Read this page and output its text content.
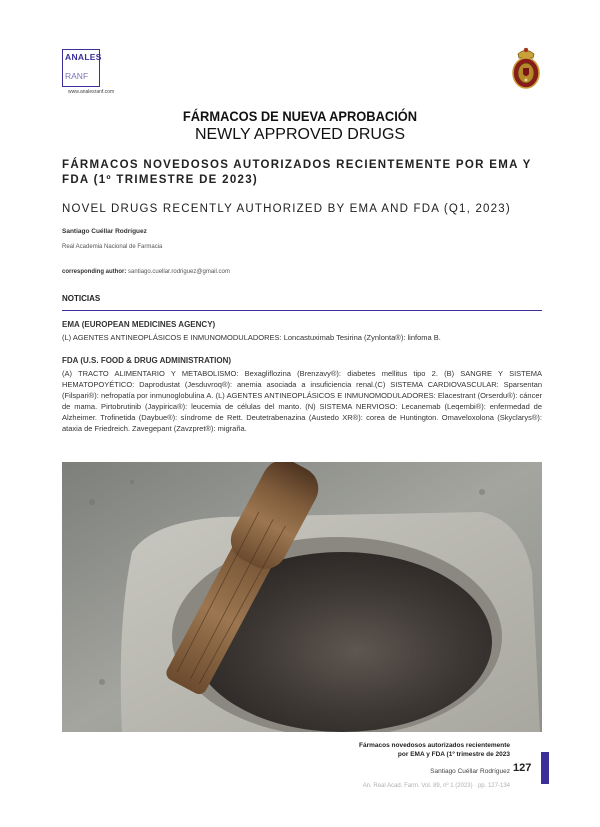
ANALES
RANF
www.analesranf.com
FÁRMACOS DE NUEVA APROBACIÓN
NEWLY APPROVED DRUGS
FÁRMACOS NOVEDOSOS AUTORIZADOS RECIENTEMENTE POR EMA Y FDA (1º TRIMESTRE DE 2023)
NOVEL DRUGS RECENTLY AUTHORIZED BY EMA AND FDA (Q1, 2023)
Santiago Cuéllar Rodríguez
Real Academia Nacional de Farmacia
corresponding author: santiago.cuellar.rodriguez@gmail.com
NOTICIAS
EMA (EUROPEAN MEDICINES AGENCY)
(L) AGENTES ANTINEOPLÁSICOS E INMUNOMODULADORES: Loncastuximab Tesirina (Zynlonta®): linfoma B.
FDA (U.S. FOOD & DRUG ADMINISTRATION)
(A) TRACTO ALIMENTARIO Y METABOLISMO: Bexagliflozina (Brenzavy®): diabetes mellitus tipo 2. (B) SANGRE Y SISTEMA HEMATOPOYÉTICO: Daprodustat (Jesduvroq®): anemia asociada a insuficiencia renal.(C) SISTEMA CARDIOVASCULAR: Sparsentan (Filspari®): nefropatía por inmunoglobulina A. (L) AGENTES ANTINEOPLÁSICOS E INMUNOMODULADORES: Elacestrant (Orserdu®): cáncer de mama. Pirtobrutinib (Jaypirica®): leucemia de células del manto. (N) SISTEMA NERVIOSO: Lecanemab (Leqembi®): enfermedad de Alzheimer. Trofinetida (Daybue®): síndrome de Rett. Deutetrabenazina (Austedo XR®): corea de Huntington. Omaveloxolona (Skyclarys®): ataxia de Friedreich. Zavegepant (Zavzpret®): migraña.
Fármacos novedosos autorizados recientemente
por EMA y FDA (1º trimestre de 2023
Santiago Cuéllar Rodríguez
An. Real Acad. Farm. Vol. 89, nº 1 (2023) · pp. 127-134
127
